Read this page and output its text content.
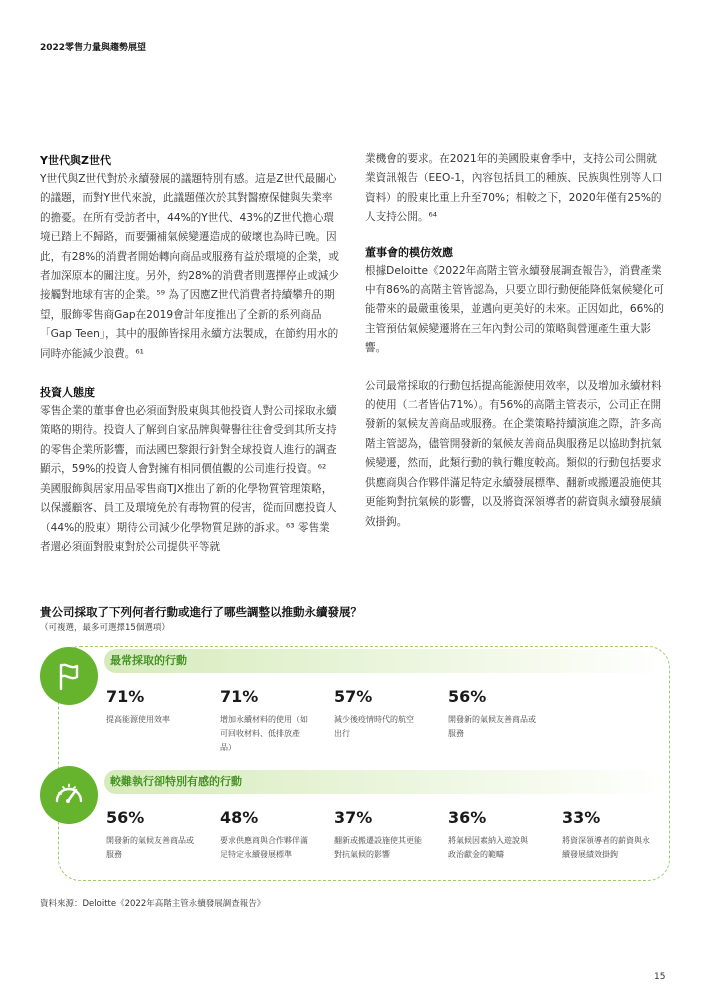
2022零售力量與趨勢展望
Y世代與Z世代

Y世代與Z世代對於永續發展的議題特別有感。這是Z世代最關心的議題，而對Y世代來說，此議題僅次於其對醫療保健與失業率的擔憂。在所有受訪者中，44%的Y世代、43%的Z世代擔心環境已踏上不歸路，而要彌補氣候變遷造成的破壞也為時已晚。因此，有28%的消費者開始轉向商品或服務有益於環境的企業，或者加深原本的關注度。另外，約28%的消費者則選擇停止或減少接觸對地球有害的企業。⁵⁹ 為了因應Z世代消費者持續攀升的期望，服飾零售商Gap在2019會計年度推出了全新的系列商品「Gap Teen」，其中的服飾皆採用永續方法製成，在節約用水的同時亦能減少浪費。⁶¹

投資人態度

零售企業的董事會也必須面對股東與其他投資人對公司採取永續策略的期待。投資人了解到自家品牌與聲譽往往會受到其所支持的零售企業所影響，而法國巴黎銀行針對全球投資人進行的調查顯示，59%的投資人會對擁有相同價值觀的公司進行投資。⁶² 美國服飾與居家用品零售商TJX推出了新的化學物質管理策略，以保護顧客、員工及環境免於有毒物質的侵害，從而回應投資人（44%的股東）期待公司減少化學物質足跡的訴求。⁶³ 零售業者還必須面對股東對於公司提供平等就

業機會的要求。在2021年的美國股東會季中，支持公司公開就業資訊報告（EEO-1，內容包括員工的種族、民族與性別等人口資料）的股東比重上升至70%；相較之下，2020年僅有25%的人支持公開。⁶⁴

董事會的模仿效應

根據Deloitte《2022年高階主管永續發展調查報告》，消費產業中有86%的高階主管皆認為，只要立即行動便能降低氣候變化可能帶來的最嚴重後果，並邁向更美好的未來。正因如此，66%的主管預估氣候變遷將在三年內對公司的策略與營運產生重大影響。

公司最常採取的行動包括提高能源使用效率，以及增加永續材料的使用（二者皆佔71%）。有56%的高階主管表示，公司正在開發新的氣候友善商品或服務。在企業策略持續演進之際，許多高階主管認為，儘管開發新的氣候友善商品與服務足以協助對抗氣候變遷，然而，此類行動的執行難度較高。類似的行動包括要求供應商與合作夥伴滿足特定永續發展標準、翻新或搬遷設施使其更能夠對抗氣候的影響，以及將資深領導者的薪資與永續發展績效掛鉤。

貴公司採取了下列何者行動或進行了哪些調整以推動永續發展？
（可複選，最多可選擇15個選項）
最常採取的行動
71%
提高能源使用效率
71%
增加永續材料的使用（如可回收材料、低排放產品）
57%
減少後疫情時代的航空出行
56%
開發新的氣候友善商品或服務
較難執行卻特別有感的行動
56%
開發新的氣候友善商品或服務
48%
要求供應商與合作夥伴滿足特定永續發展標準
37%
翻新或搬遷設施使其更能對抗氣候的影響
36%
將氣候因素納入遊說與政治獻金的範疇
33%
將資深領導者的薪資與永續發展績效掛鉤
資料來源：Deloitte《2022年高階主管永續發展調查報告》
15
